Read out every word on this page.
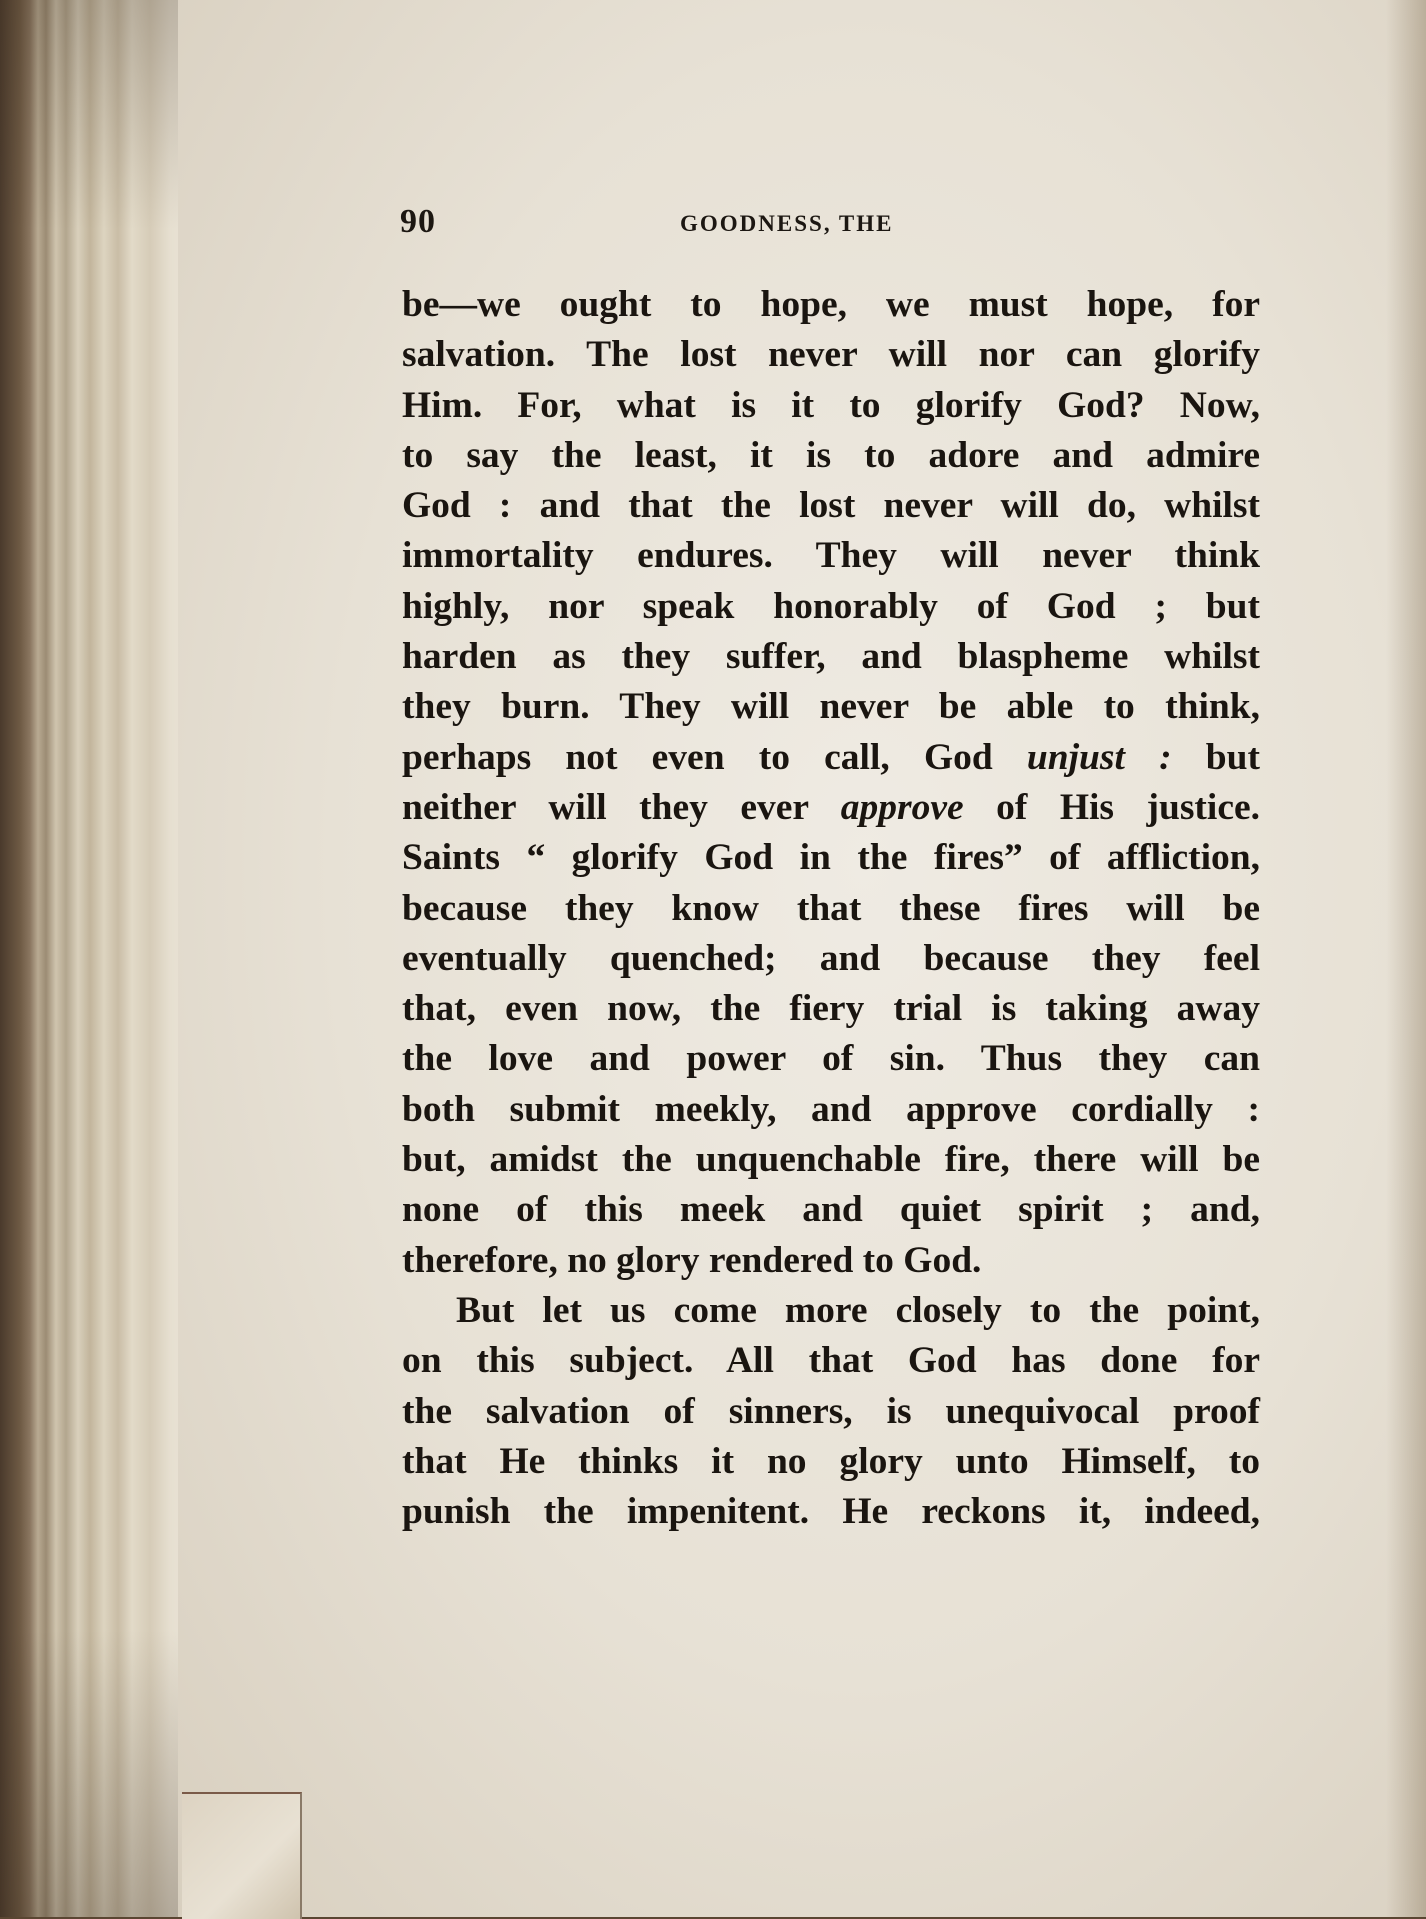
90	GOODNESS, THE
be—we ought to hope, we must hope, for
salvation. The lost never will nor can glorify
Him. For, what is it to glorify God? Now,
to say the least, it is to adore and admire
God : and that the lost never will do, whilst
immortality endures. They will never think
highly, nor speak honorably of God ; but
harden as they suffer, and blaspheme whilst
they burn. They will never be able to think,
perhaps not even to call, God unjust : but
neither will they ever approve of His justice.
Saints “ glorify God in the fires” of affliction,
because they know that these fires will be
eventually quenched; and because they feel
that, even now, the fiery trial is taking away
the love and power of sin. Thus they can
both submit meekly, and approve cordially :
but, amidst the unquenchable fire, there will be
none of this meek and quiet spirit ; and,
therefore, no glory rendered to God.
But let us come more closely to the point,
on this subject. All that God has done for
the salvation of sinners, is unequivocal proof
that He thinks it no glory unto Himself, to
punish the impenitent. He reckons it, indeed,
